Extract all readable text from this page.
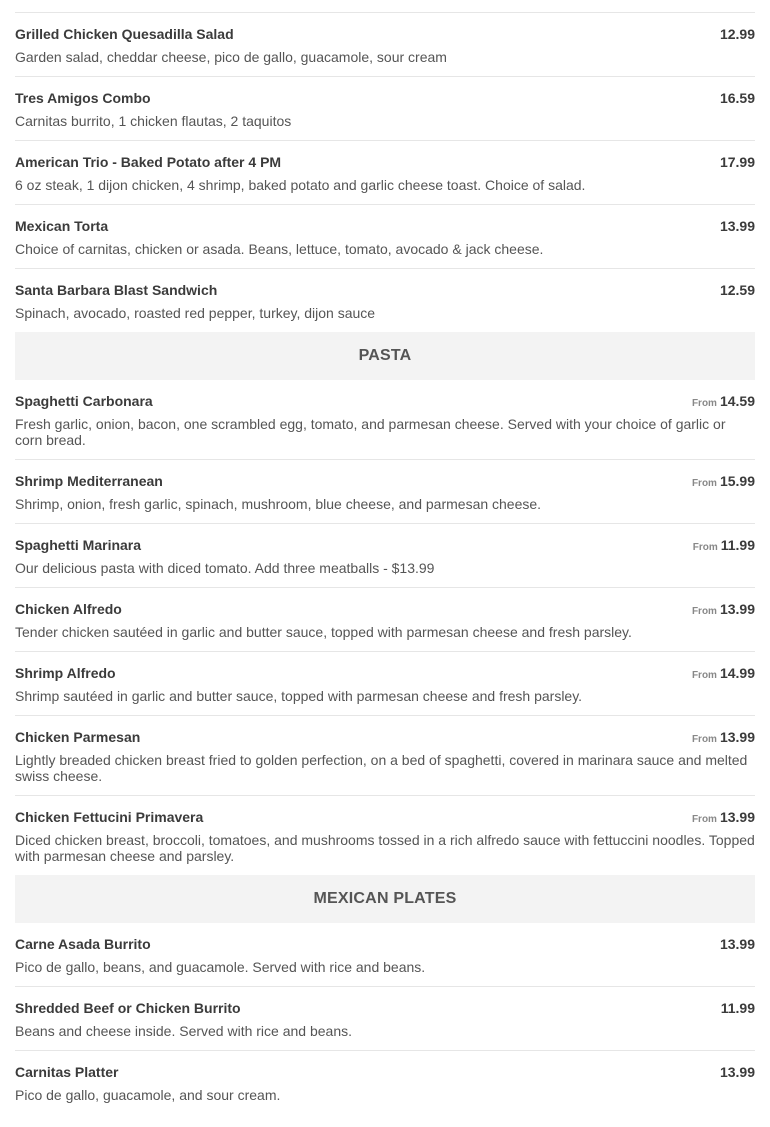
Grilled Chicken Quesadilla Salad	12.99
Garden salad, cheddar cheese, pico de gallo, guacamole, sour cream
Tres Amigos Combo	16.59
Carnitas burrito, 1 chicken flautas, 2 taquitos
American Trio - Baked Potato after 4 PM	17.99
6 oz steak, 1 dijon chicken, 4 shrimp, baked potato and garlic cheese toast. Choice of salad.
Mexican Torta	13.99
Choice of carnitas, chicken or asada. Beans, lettuce, tomato, avocado & jack cheese.
Santa Barbara Blast Sandwich	12.59
Spinach, avocado, roasted red pepper, turkey, dijon sauce
PASTA
Spaghetti Carbonara	From 14.59
Fresh garlic, onion, bacon, one scrambled egg, tomato, and parmesan cheese. Served with your choice of garlic or corn bread.
Shrimp Mediterranean	From 15.99
Shrimp, onion, fresh garlic, spinach, mushroom, blue cheese, and parmesan cheese.
Spaghetti Marinara	From 11.99
Our delicious pasta with diced tomato. Add three meatballs - $13.99
Chicken Alfredo	From 13.99
Tender chicken sautéed in garlic and butter sauce, topped with parmesan cheese and fresh parsley.
Shrimp Alfredo	From 14.99
Shrimp sautéed in garlic and butter sauce, topped with parmesan cheese and fresh parsley.
Chicken Parmesan	From 13.99
Lightly breaded chicken breast fried to golden perfection, on a bed of spaghetti, covered in marinara sauce and melted swiss cheese.
Chicken Fettucini Primavera	From 13.99
Diced chicken breast, broccoli, tomatoes, and mushrooms tossed in a rich alfredo sauce with fettuccini noodles. Topped with parmesan cheese and parsley.
MEXICAN PLATES
Carne Asada Burrito	13.99
Pico de gallo, beans, and guacamole. Served with rice and beans.
Shredded Beef or Chicken Burrito	11.99
Beans and cheese inside. Served with rice and beans.
Carnitas Platter	13.99
Pico de gallo, guacamole, and sour cream.
